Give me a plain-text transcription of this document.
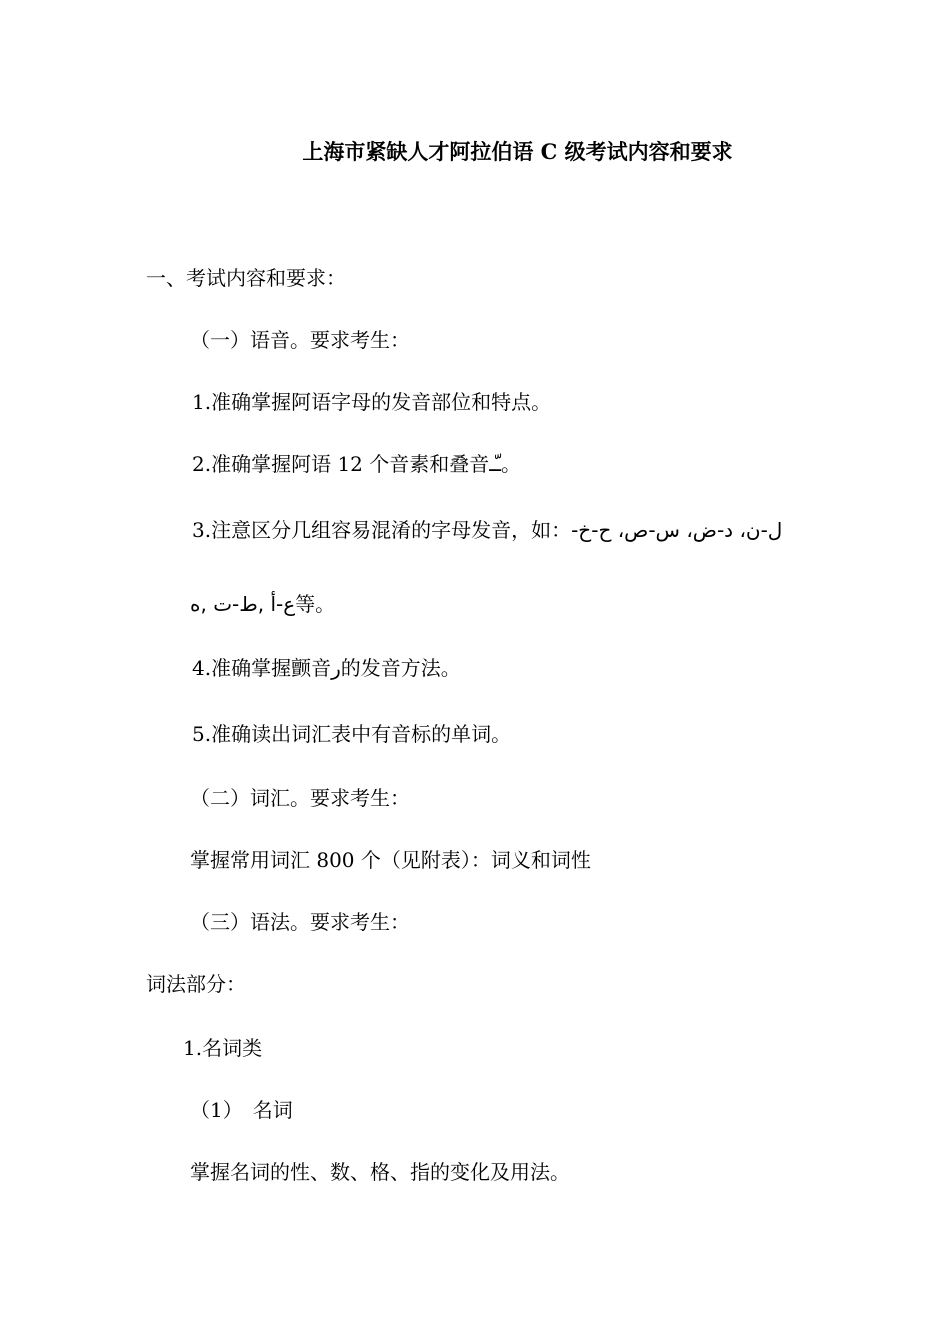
上海市紧缺人才阿拉伯语 C 级考试内容和要求
一、考试内容和要求：
（一）语音。要求考生：
1.准确掌握阿语字母的发音部位和特点。
2.准确掌握阿语 12 个音素和叠音ـّـ。
3.注意区分几组容易混淆的字母发音，如：ل-ن، د-ض، س-ص، ح-خ-
ع-أ ,ط-ت ,ه等。
4.准确掌握颤音ر的发音方法。
5.准确读出词汇表中有音标的单词。
（二）词汇。要求考生：
掌握常用词汇 800 个（见附表）：词义和词性
（三）语法。要求考生：
词法部分：
1.名词类
（1）　名词
掌握名词的性、数、格、指的变化及用法。
